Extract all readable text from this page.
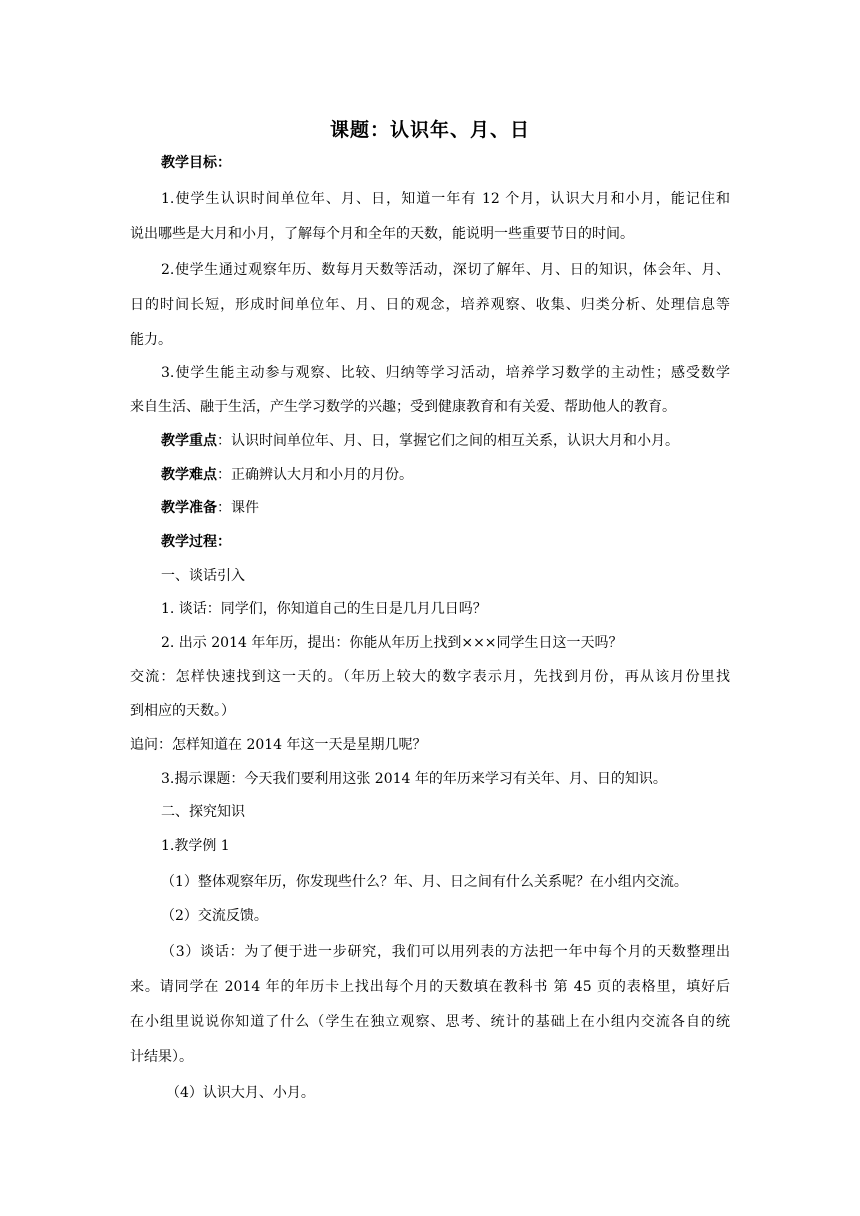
课题：认识年、月、日
教学目标：
1.使学生认识时间单位年、月、日，知道一年有 12 个月，认识大月和小月，能记住和
说出哪些是大月和小月，了解每个月和全年的天数，能说明一些重要节日的时间。
2.使学生通过观察年历、数每月天数等活动，深切了解年、月、日的知识，体会年、月、
日的时间长短，形成时间单位年、月、日的观念，培养观察、收集、归类分析、处理信息等
能力。
3.使学生能主动参与观察、比较、归纳等学习活动，培养学习数学的主动性；感受数学
来自生活、融于生活，产生学习数学的兴趣；受到健康教育和有关爱、帮助他人的教育。
教学重点：认识时间单位年、月、日，掌握它们之间的相互关系，认识大月和小月。
教学难点：正确辨认大月和小月的月份。
教学准备：课件
教学过程：
一、谈话引入
1. 谈话：同学们，你知道自己的生日是几月几日吗？
2. 出示 2014 年年历，提出：你能从年历上找到×××同学生日这一天吗？
交流：怎样快速找到这一天的。（年历上较大的数字表示月，先找到月份，再从该月份里找
到相应的天数。）
追问：怎样知道在 2014 年这一天是星期几呢？
3.揭示课题：今天我们要利用这张 2014 年的年历来学习有关年、月、日的知识。
二、探究知识
1.教学例 1
（1）整体观察年历，你发现些什么？年、月、日之间有什么关系呢？在小组内交流。
（2）交流反馈。
（3）谈话：为了便于进一步研究，我们可以用列表的方法把一年中每个月的天数整理出
来。请同学在 2014 年的年历卡上找出每个月的天数填在教科书 第 45 页的表格里，填好后
在小组里说说你知道了什么（学生在独立观察、思考、统计的基础上在小组内交流各自的统
计结果）。
（4）认识大月、小月。
